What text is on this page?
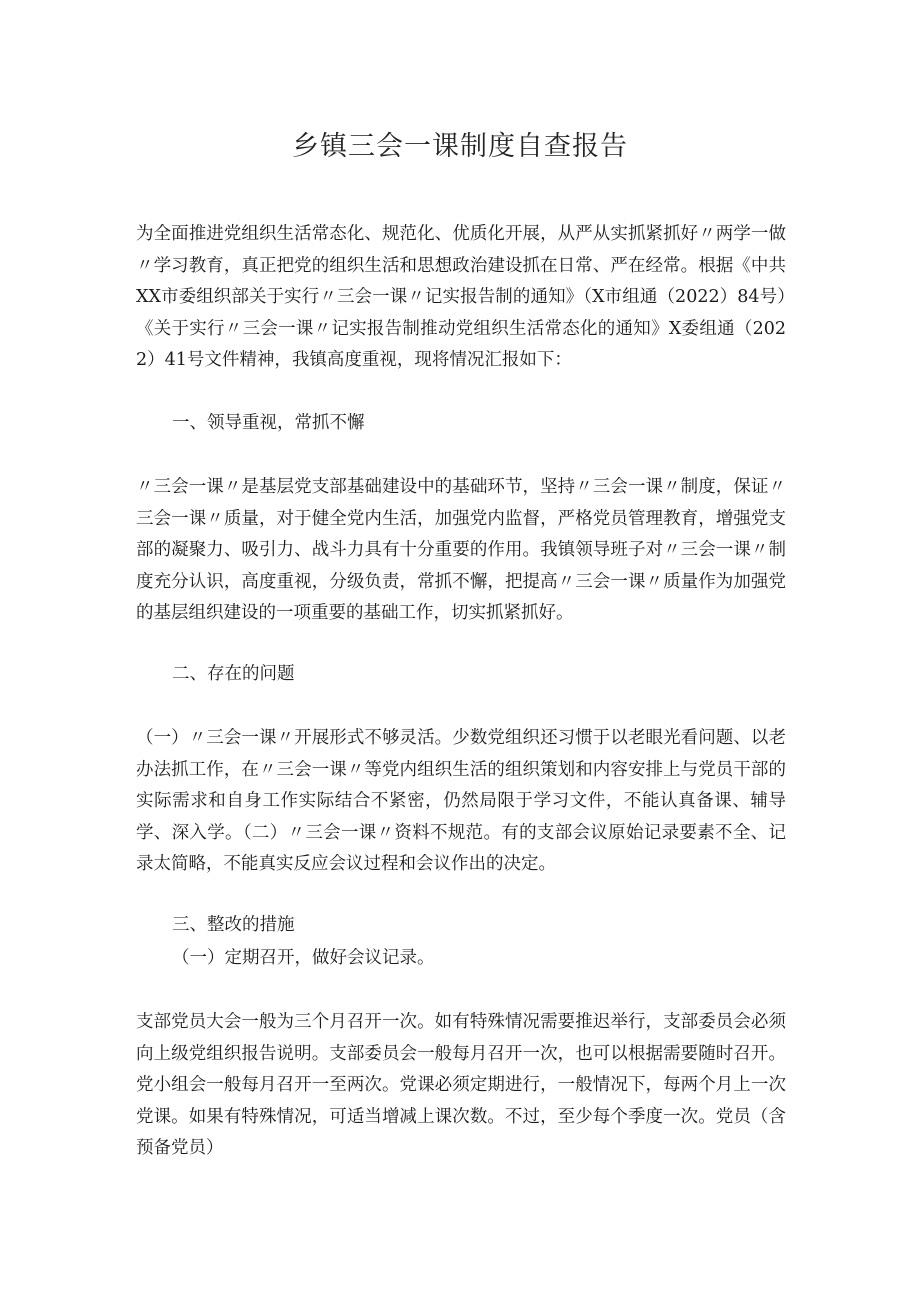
乡镇三会一课制度自查报告
为全面推进党组织生活常态化、规范化、优质化开展，从严从实抓紧抓好〃两学一做〃学习教育，真正把党的组织生活和思想政治建设抓在日常、严在经常。根据《中共XX市委组织部关于实行〃三会一课〃记实报告制的通知》（X市组通（2022）84号）《关于实行〃三会一课〃记实报告制推动党组织生活常态化的通知》X委组通（2022）41号文件精神，我镇高度重视，现将情况汇报如下：
一、领导重视，常抓不懈
〃三会一课〃是基层党支部基础建设中的基础环节，坚持〃三会一课〃制度，保证〃三会一课〃质量，对于健全党内生活，加强党内监督，严格党员管理教育，增强党支部的凝聚力、吸引力、战斗力具有十分重要的作用。我镇领导班子对〃三会一课〃制度充分认识，高度重视，分级负责，常抓不懈，把提高〃三会一课〃质量作为加强党的基层组织建设的一项重要的基础工作，切实抓紧抓好。
二、存在的问题
（一）〃三会一课〃开展形式不够灵活。少数党组织还习惯于以老眼光看问题、以老办法抓工作，在〃三会一课〃等党内组织生活的组织策划和内容安排上与党员干部的实际需求和自身工作实际结合不紧密，仍然局限于学习文件，不能认真备课、辅导学、深入学。（二）〃三会一课〃资料不规范。有的支部会议原始记录要素不全、记录太简略，不能真实反应会议过程和会议作出的决定。
三、整改的措施
（一）定期召开，做好会议记录。
支部党员大会一般为三个月召开一次。如有特殊情况需要推迟举行，支部委员会必须向上级党组织报告说明。支部委员会一般每月召开一次，也可以根据需要随时召开。党小组会一般每月召开一至两次。党课必须定期进行，一般情况下，每两个月上一次党课。如果有特殊情况，可适当增减上课次数。不过，至少每个季度一次。党员（含预备党员）
